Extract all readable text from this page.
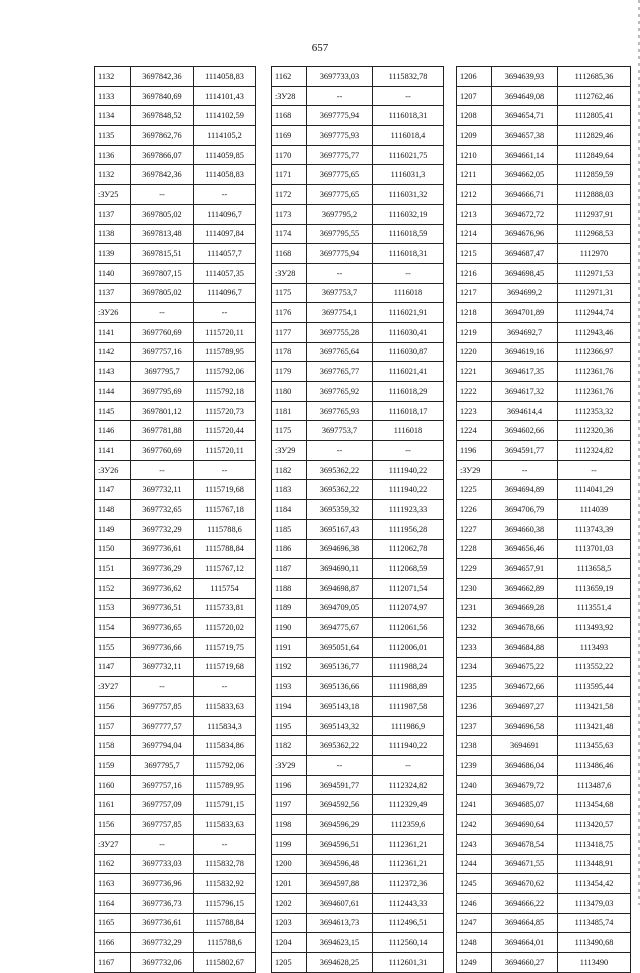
657
1132	3697842,36	1114058,83
1133	3697840,69	1114101,43
1134	3697848,52	1114102,59
1135	3697862,76	1114105,2
1136	3697866,07	1114059,85
1132	3697842,36	1114058,83
:ЗУ25	--	--
1137	3697805,02	1114096,7
1138	3697813,48	1114097,84
1139	3697815,51	1114057,7
1140	3697807,15	1114057,35
1137	3697805,02	1114096,7
:ЗУ26	--	--
1141	3697760,69	1115720,11
1142	3697757,16	1115789,95
1143	3697795,7	1115792,06
1144	3697795,69	1115792,18
1145	3697801,12	1115720,73
1146	3697781,88	1115720,44
1141	3697760,69	1115720,11
:ЗУ26	--	--
1147	3697732,11	1115719,68
1148	3697732,65	1115767,18
1149	3697732,29	1115788,6
1150	3697736,61	1115788,84
1151	3697736,29	1115767,12
1152	3697736,62	1115754
1153	3697736,51	1115733,81
1154	3697736,65	1115720,02
1155	3697736,66	1115719,75
1147	3697732,11	1115719,68
:ЗУ27	--	--
1156	3697757,85	1115833,63
1157	3697777,57	1115834,3
1158	3697794,04	1115834,86
1159	3697795,7	1115792,06
1160	3697757,16	1115789,95
1161	3697757,09	1115791,15
1156	3697757,85	1115833,63
:ЗУ27	--	--
1162	3697733,03	1115832,78
1163	3697736,96	1115832,92
1164	3697736,73	1115796,15
1165	3697736,61	1115788,84
1166	3697732,29	1115788,6
1167	3697732,06	1115802,67
1162	3697733,03	1115832,78
:ЗУ28	--	--
1168	3697775,94	1116018,31
1169	3697775,93	1116018,4
1170	3697775,77	1116021,75
1171	3697775,65	1116031,3
1172	3697775,65	1116031,32
1173	3697795,2	1116032,19
1174	3697795,55	1116018,59
1168	3697775,94	1116018,31
:ЗУ28	--	--
1175	3697753,7	1116018
1176	3697754,1	1116021,91
1177	3697755,28	1116030,41
1178	3697765,64	1116030,87
1179	3697765,77	1116021,41
1180	3697765,92	1116018,29
1181	3697765,93	1116018,17
1175	3697753,7	1116018
:ЗУ29	--	--
1182	3695362,22	1111940,22
1183	3695362,22	1111940,22
1184	3695359,32	1111923,33
1185	3695167,43	1111956,28
1186	3694696,38	1112062,78
1187	3694690,11	1112068,59
1188	3694698,87	1112071,54
1189	3694709,05	1112074,97
1190	3694775,67	1112061,56
1191	3695051,64	1112006,01
1192	3695136,77	1111988,24
1193	3695136,66	1111988,89
1194	3695143,18	1111987,58
1195	3695143,32	1111986,9
1182	3695362,22	1111940,22
:ЗУ29	--	--
1196	3694591,77	1112324,82
1197	3694592,56	1112329,49
1198	3694596,29	1112359,6
1199	3694596,51	1112361,21
1200	3694596,48	1112361,21
1201	3694597,88	1112372,36
1202	3694607,61	1112443,33
1203	3694613,73	1112496,51
1204	3694623,15	1112560,14
1205	3694628,25	1112601,31
1206	3694639,93	1112685,36
1207	3694649,08	1112762,46
1208	3694654,71	1112805,41
1209	3694657,38	1112829,46
1210	3694661,14	1112849,64
1211	3694662,05	1112859,59
1212	3694666,71	1112888,03
1213	3694672,72	1112937,91
1214	3694676,96	1112968,53
1215	3694687,47	1112970
1216	3694698,45	1112971,53
1217	3694699,2	1112971,31
1218	3694701,89	1112944,74
1219	3694692,7	1112943,46
1220	3694619,16	1112366,97
1221	3694617,35	1112361,76
1222	3694617,32	1112361,76
1223	3694614,4	1112353,32
1224	3694602,66	1112320,36
1196	3694591,77	1112324,82
:ЗУ29	--	--
1225	3694694,89	1114041,29
1226	3694706,79	1114039
1227	3694660,38	1113743,39
1228	3694656,46	1113701,03
1229	3694657,91	1113658,5
1230	3694662,89	1113659,19
1231	3694669,28	1113551,4
1232	3694678,66	1113493,92
1233	3694684,88	1113493
1234	3694675,22	1113552,22
1235	3694672,66	1113595,44
1236	3694697,27	1113421,58
1237	3694696,58	1113421,48
1238	3694691	1113455,63
1239	3694686,04	1113486,46
1240	3694679,72	1113487,6
1241	3694685,07	1113454,68
1242	3694690,64	1113420,57
1243	3694678,54	1113418,75
1244	3694671,55	1113448,91
1245	3694670,62	1113454,42
1246	3694666,22	1113479,03
1247	3694664,85	1113485,74
1248	3694664,01	1113490,68
1249	3694660,27	1113490
